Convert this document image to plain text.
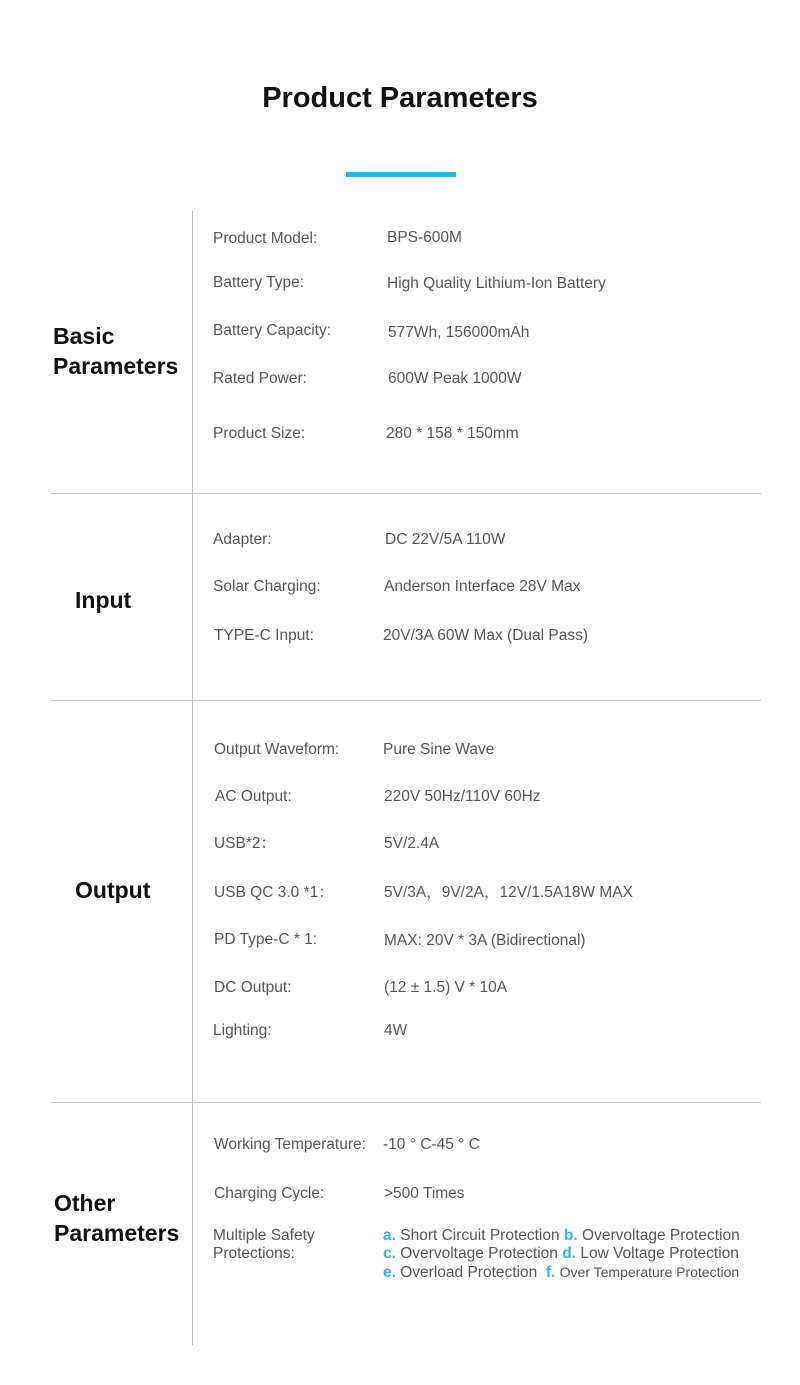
Product Parameters
Basic
Parameters
Product Model:	BPS-600M
Battery Type:	High Quality Lithium-Ion Battery
Battery Capacity:	577Wh, 156000mAh
Rated Power:	600W Peak 1000W
Product Size:	280 * 158 * 150mm
Input
Adapter:	DC 22V/5A 110W
Solar Charging:	Anderson Interface 28V Max
TYPE-C Input:	20V/3A 60W Max (Dual Pass)
Output
Output Waveform:	Pure Sine Wave
AC Output:	220V 50Hz/110V 60Hz
USB*2：	5V/2.4A
USB QC 3.0 *1：	5V/3A，9V/2A，12V/1.5A18W MAX
PD Type-C * 1:	MAX: 20V * 3A (Bidirectional)
DC Output:	(12 ± 1.5) V * 10A
Lighting:	4W
Other
Parameters
Working Temperature: -10 ° C-45 ° C
Charging Cycle:	>500 Times
Multiple Safety
Protections:
a. Short Circuit Protection b. Overvoltage Protection
c. Overvoltage Protection d. Low Voltage Protection
e. Overload Protection f. Over Temperature Protection
